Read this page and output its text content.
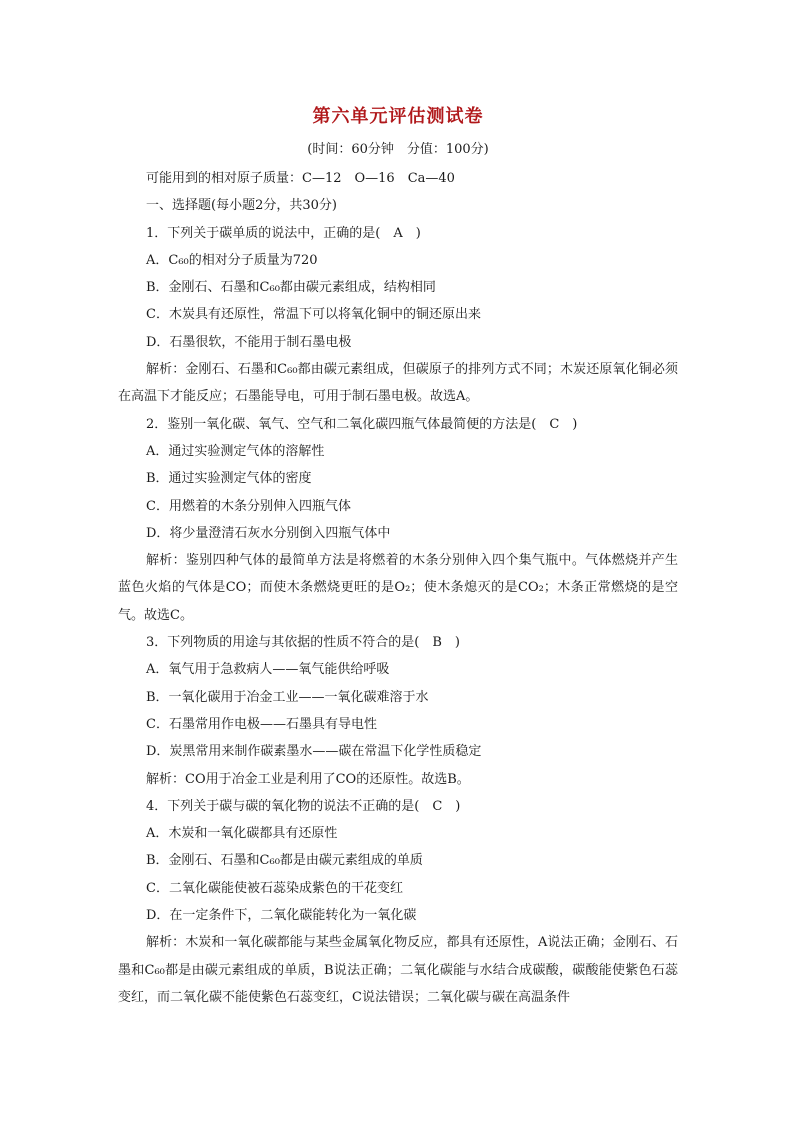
第六单元评估测试卷
(时间：60分钟　分值：100分)
可能用到的相对原子质量：C—12　O—16　Ca—40
一、选择题(每小题2分，共30分)
1．下列关于碳单质的说法中，正确的是(　A　)
A．C₆₀的相对分子质量为720
B．金刚石、石墨和C₆₀都由碳元素组成，结构相同
C．木炭具有还原性，常温下可以将氧化铜中的铜还原出来
D．石墨很软，不能用于制石墨电极

解析：金刚石、石墨和C₆₀都由碳元素组成，但碳原子的排列方式不同；木炭还原氧化铜必须在高温下才能反应；石墨能导电，可用于制石墨电极。故选A。

2．鉴别一氧化碳、氧气、空气和二氧化碳四瓶气体最简便的方法是(　C　)
A．通过实验测定气体的溶解性
B．通过实验测定气体的密度
C．用燃着的木条分别伸入四瓶气体
D．将少量澄清石灰水分别倒入四瓶气体中

解析：鉴别四种气体的最简单方法是将燃着的木条分别伸入四个集气瓶中。气体燃烧并产生蓝色火焰的气体是CO；而使木条燃烧更旺的是O₂；使木条熄灭的是CO₂；木条正常燃烧的是空气。故选C。

3．下列物质的用途与其依据的性质不符合的是(　B　)
A．氧气用于急救病人——氧气能供给呼吸
B．一氧化碳用于冶金工业——一氧化碳难溶于水
C．石墨常用作电极——石墨具有导电性
D．炭黑常用来制作碳素墨水——碳在常温下化学性质稳定

解析：CO用于冶金工业是利用了CO的还原性。故选B。

4．下列关于碳与碳的氧化物的说法不正确的是(　C　)
A．木炭和一氧化碳都具有还原性
B．金刚石、石墨和C₆₀都是由碳元素组成的单质
C．二氧化碳能使被石蕊染成紫色的干花变红
D．在一定条件下，二氧化碳能转化为一氧化碳

解析：木炭和一氧化碳都能与某些金属氧化物反应，都具有还原性，A说法正确；金刚石、石墨和C₆₀都是由碳元素组成的单质，B说法正确；二氧化碳能与水结合成碳酸，碳酸能使紫色石蕊变红，而二氧化碳不能使紫色石蕊变红，C说法错误；二氧化碳与碳在高温条件
